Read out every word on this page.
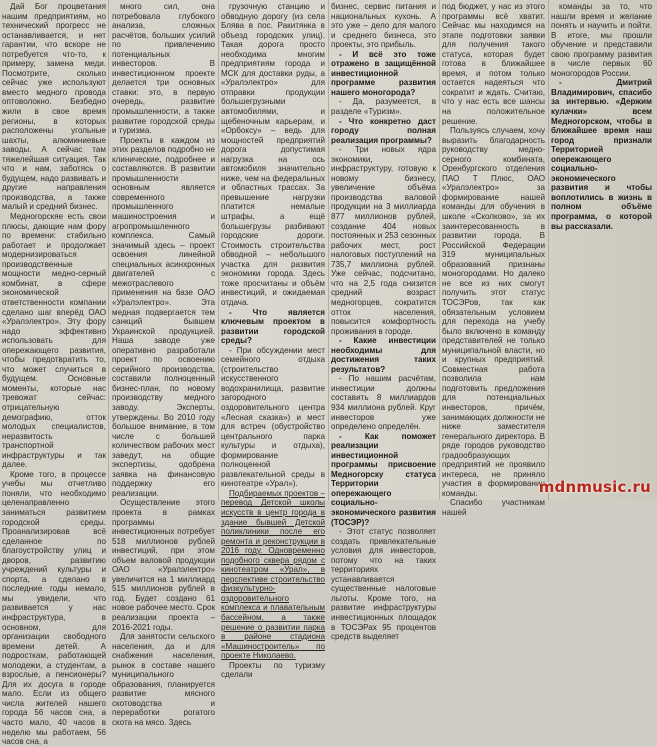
Дай Бог процветания нашим предприятиям, но технический прогресс не останавливается, и нет гарантии, что вскоре не потребуется что-то, к примеру, замена меди. Посмотрите, сколько сейчас уже используют вместо медного провода оптоволокно. Безбедно жили в свое время регионы, в которых расположены угольные шахты, алюминиевые заводы. А сейчас там тяжелейшая ситуация. Так что и нам, заботясь о будущем, надо развивать и другие направления производства, а также малый и средний бизнес.

Медногорскяе есть свои плюсы, дающие нам фору по времени: стабильно работает и продолжает модернизироваться производственные мощности медно-серный комбинат, в сфере экономической ответственности компании сделано шаг вперёд ОАО «Уралэлектро». Эту фору надо эффективно использовать для опережающего развития, чтобы предотвратить то, что может случиться в будущем. Основные моменты, которые нас тревожат сейчас: отрицательную демографию, отток молодых специалистов, неразвитость транспортной инфраструктуры и так далее.

Кроме того, в процессе учебы мы отчетливо поняли, что необходимо целенаправленно заниматься развитием городской среды. Проанализировав всё сделанное по благоустройству улиц и дворов, развитию учреждений культуры и спорта, а сделано в последние годы немало, мы увидели, что развивается у нас инфраструктура, в основном, для организации свободного времени детей. А подросткам, работающей молодежи, а студентам, а взрослые, а пенсионеры? Для их досуга в городе мало. Если из общего числа жителей нашего города 56 часов сна, а часто мало, 40 часов в неделю мы работаем, 56 часов сна, а

много сил, она потребовала глубокого анализа, сложных расчётов, больших усилий по привлечению потенциальных инвесторов. В инвестиционном проекте делается три основных ставки: это, в первую очередь, развитие промышленности, а также развитие городской среды и туризма.

Проекты в каждом из этих разделов подробно не клинические, подробнее и составляются. В развитии промышленности основным является современного промышленного машиностроения и агропромышленного комплекса. Самый значимый здесь – проект освоения линейной специальных асинхронных двигателей с межотраслевого применения на базе ОАО «Уралэлектро». Эта медная подвергается тем санкций бывшем Украинской продукцией. Наша заводе уже оперативно разработали проект по освоению серийного производства, составили полноценный бизнес-план, по новому производству медного заводу. Эксперты, утверждены. Во 2010 году большое внимание, в том числе с большей количеством рабочих мест заведут, на общие экспертизы, одобрена заявка на финансовую поддержку его реализации.

Осуществление этого проекта в рамках программы инвестиционных потребует 518 миллионов рублей инвестиций, при этом объем валовой продукции ОАО «Уралэлектро» увеличится на 1 миллиард 515 миллионов рублей в год. Будет создано 61 новое рабочее место. Срок реализации проекта – 2016-2021 годы.

Для занятости сельского населения, да и для снабжения населения, рынок в составе нашего муниципального образования, планируется развитие мясного скотоводства и переработки рогатого скота на мясо. Здесь

грузочную станцию и обводную дорогу (из села Блява в пос. Ракитянка в объезд городских улиц). Такая дорога просто необходима многим предприятиям города и МСК для доставки руды, а «Уралэлектро» для отправки продукции большегрузными автомобилями, и щебеночным карьерам, и «Орбоксу» – ведь для мощностей предприятий дорога допустимая нагрузка на ось автомобиля значительно ниже, чем на федеральных и областных трассах. За превышение нагрузки платится немалые штрафы, а ещё большегрузы разбивают городские дороги. Стоимость строительства обводной – небольшого участка для развития экономики города. Здесь тоже просчитаны и объём инвестиций, и ожидаемая отдача.

- Что является ключевым проектом в развитии городской среды?

- При обсуждении мест семейного отдыха (строительство искусственного водохранилища, развитие загородного оздоровительного центра «Лесная сказка») и мест для встреч (обустройство центрального парка культуры и отдыха), формирование полноценной развлекательной среды в кинотеатре «Урал»).

Подбираемых проектов – перевод Детской школы искусств в центр города в здание бывшей Детской поликлиники после его ремонта и реконструкции в 2016 году. Одновременно подобного сквера рядом с кинотеатром «Урал», в перспективе строительство физкультурно-оздоровительного комплекса и плавательным бассейном, а также решение о развитии парка в районе стадиона «Машиностроитель» по проекте Николаево.

Проекты по туризму сделали

бизнес, сервис питания и национальных кухонь. А это уже – дело для малого и среднего бизнеса, это проекты, это прибыль.

- И всё это тоже отражено в защищённой инвестиционной программе развития нашего моногорода?

- Да, разумеется, в разделе «Туризм».

- Что конкретно даст городу полная реализация программы?

- Три новых ядра экономики, инфраструктуру, готовую к новому бизнесу, увеличение объёма производства валовой продукции на 3 миллиарда 877 миллионов рублей, создание 404 новых постоянных и 253 сезонных рабочих мест, рост налоговых поступлений на 735,7 миллиона рублей. Уже сейчас, подсчитано, что на 2,5 года снизится средний возраст медногорцев, сократится отток населения, повысится комфортность проживания в городе.

- Какие инвестиции необходимы для достижения таких результатов?

- По нашим расчётам, инвестиции должны составить 8 миллиардов 934 миллиона рублей. Круг инвесторов уже определено определён.

- Как поможет реализации инвестиционной программы присвоение Медногорску статуса Территории опережающего социально-экономического развития (ТОСЭР)?

- Этот статус позволяет создать привлекательные условия для инвесторов, потому что на таких территориях устанавливается существенные налоговые льготы. Кроме того, на развитие инфраструктуры инвестиционных площадок в ТОСЭРах 95 процентов средств выделяет

под бюджет, у нас из этого программы всё хватит. Сейчас мы находимся на этапе подготовки заявки для получения такого статуса, которая будет готова в ближайшее время, и потом только остается надеяться что сократит и ждать. Считаю, что у нас есть все шансы на положительное решение.

Пользуясь случаем, хочу выразить благодарность руководству медно-серного комбината, Оренбургского отделения ПАО Т Плюс, ОАО «Уралэлектро» за формирование нашей команды для обучения в школе «Сколково», за их заинтересованность в развитии города. В Российской Федерации 319 муниципальных образований признаны моногородами. Но далеко не все из них смогут получить этот статус ТОСЭРов, так как обязательным условием для перехода на учебу было включено в команду представителей не только муниципальной власти, но и крупных предприятий. Совместная работа позволила нам подготовить предложения для потенциальных инвесторов, причём, занимающих должности не ниже заместителя генерального директора. В ряде городов руководство градообразующих предприятий не проявило интереса, не приняло участия в формировании команды.

Спасибо участникам нашей

команды за то, что нашли время и желание понять и научить и пойти. В итоге, мы прошли обучение и представили свою программу развития в числе первых 60 моногородов России.

- Дмитрий Владимирович, спасибо за интервью. «Держим кулачки» всем Медногорском, чтобы в ближайшее время наш город признали Территорией опережающего социально-экономического развития и чтобы воплотились в жизнь в полном объёме программа, о которой вы рассказали.

mdnmusic.ru
